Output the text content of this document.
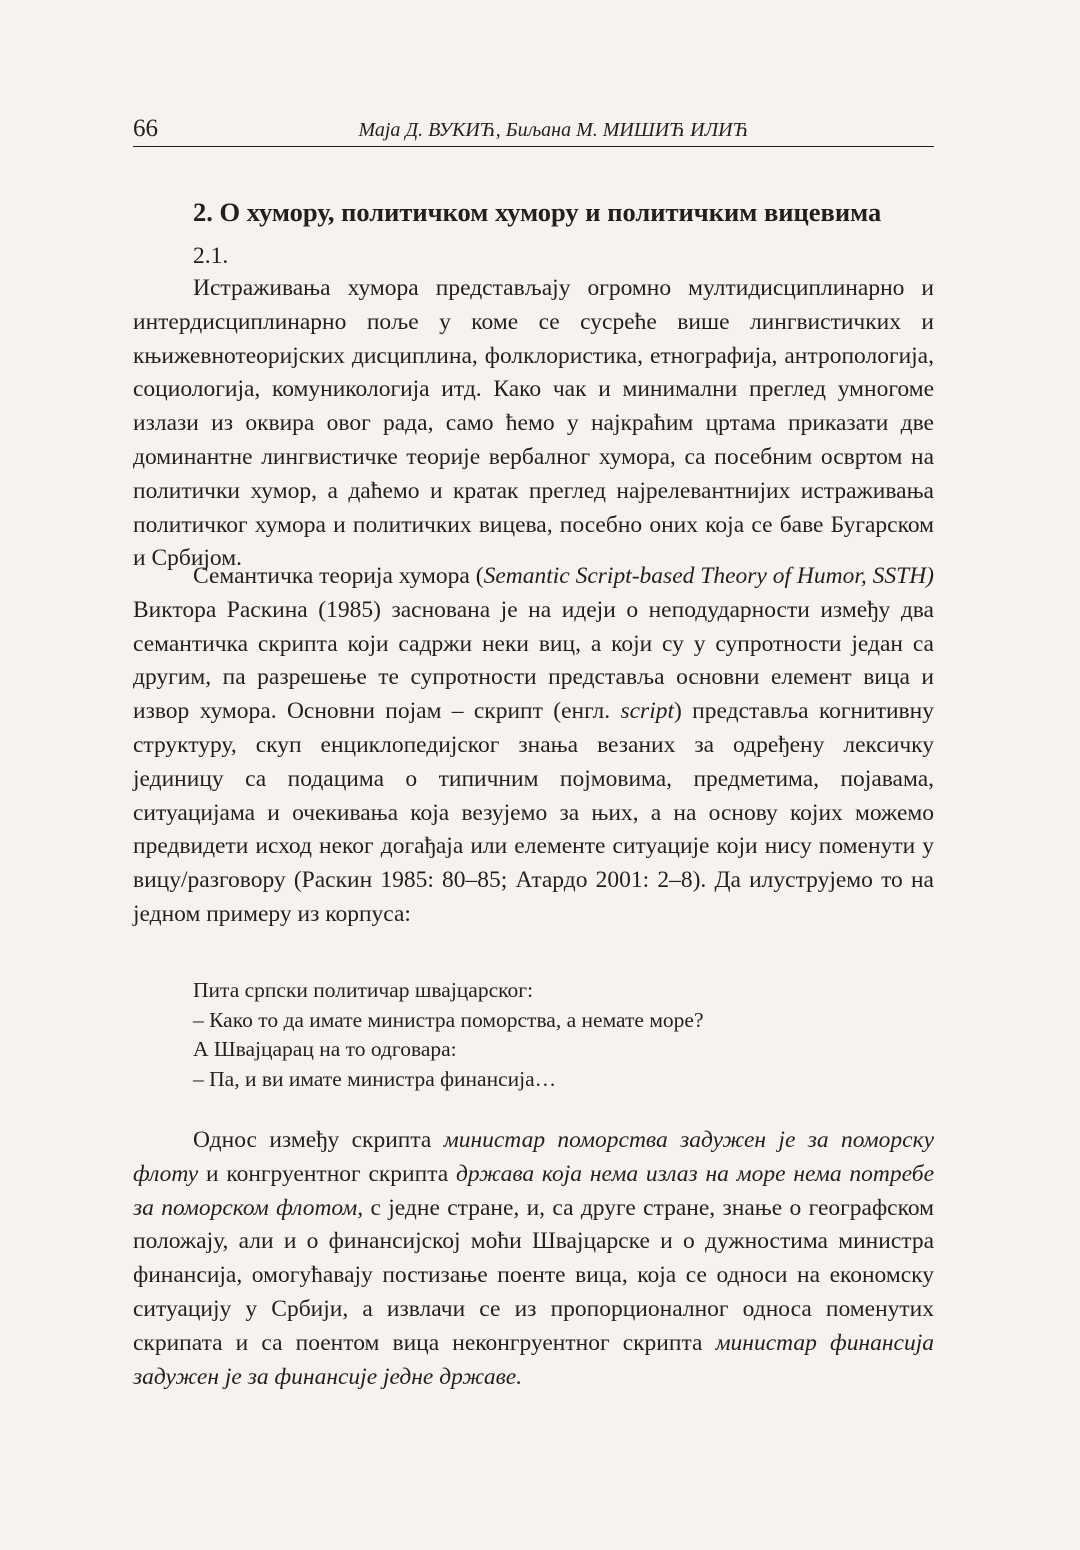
66	Маја Д. ВУКИЋ, Биљана М. МИШИЋ ИЛИЋ
2. О хумору, политичком хумору и политичким вицевима
2.1.

Истраживања хумора представљају огромно мултидисциплинарно и интердисциплинарно поље у коме се сусреће више лингвистичких и књижевнотеоријских дисциплина, фолклористика, етнографија, антропологија, социологија, комуникологија итд. Како чак и минимални преглед умногоме излази из оквира овог рада, само ћемо у најкраћим цртама приказати две доминантне лингвистичке теорије вербалног хумора, са посебним освртом на политички хумор, а даћемо и кратак преглед најрелевантнијих истраживања политичког хумора и политичких вицева, посебно оних која се баве Бугарском и Србијом.

Семантичка теорија хумора (Semantic Script-based Theory of Humor, SSTH) Виктора Раскина (1985) заснована је на идеји о неподударности између два семантичка скрипта који садржи неки виц, а који су у супротности један са другим, па разрешење те супротности представља основни елемент вица и извор хумора. Основни појам – скрипт (енгл. script) представља когнитивну структуру, скуп енциклопедијског знања везаних за одређену лексичку јединицу са подацима о типичним појмовима, предметима, појавама, ситуацијама и очекивања која везујемо за њих, а на основу којих можемо предвидети исход неког догађаја или елементе ситуације који нису поменути у вицу/разговору (Раскин 1985: 80–85; Атардо 2001: 2–8). Да илуструјемо то на једном примеру из корпуса:

Пита српски политичар швајцарског:
– Како то да имате министра поморства, а немате море?
А Швајцарац на то одговара:
– Па, и ви имате министра финансија…

Однос између скрипта министар поморства задужен је за поморску флоту и конгруентног скрипта држава која нема излаз на море нема потребе за поморском флотом, с једне стране, и, са друге стране, знање о географском положају, али и о финансијској моћи Швајцарске и о дужностима министра финансија, омогућавају постизање поенте вица, која се односи на економску ситуацију у Србији, а извлачи се из пропорционалног односа поменутих скрипата и са поентом вица неконгруентног скрипта министар финансија задужен је за финансије једне државе.
